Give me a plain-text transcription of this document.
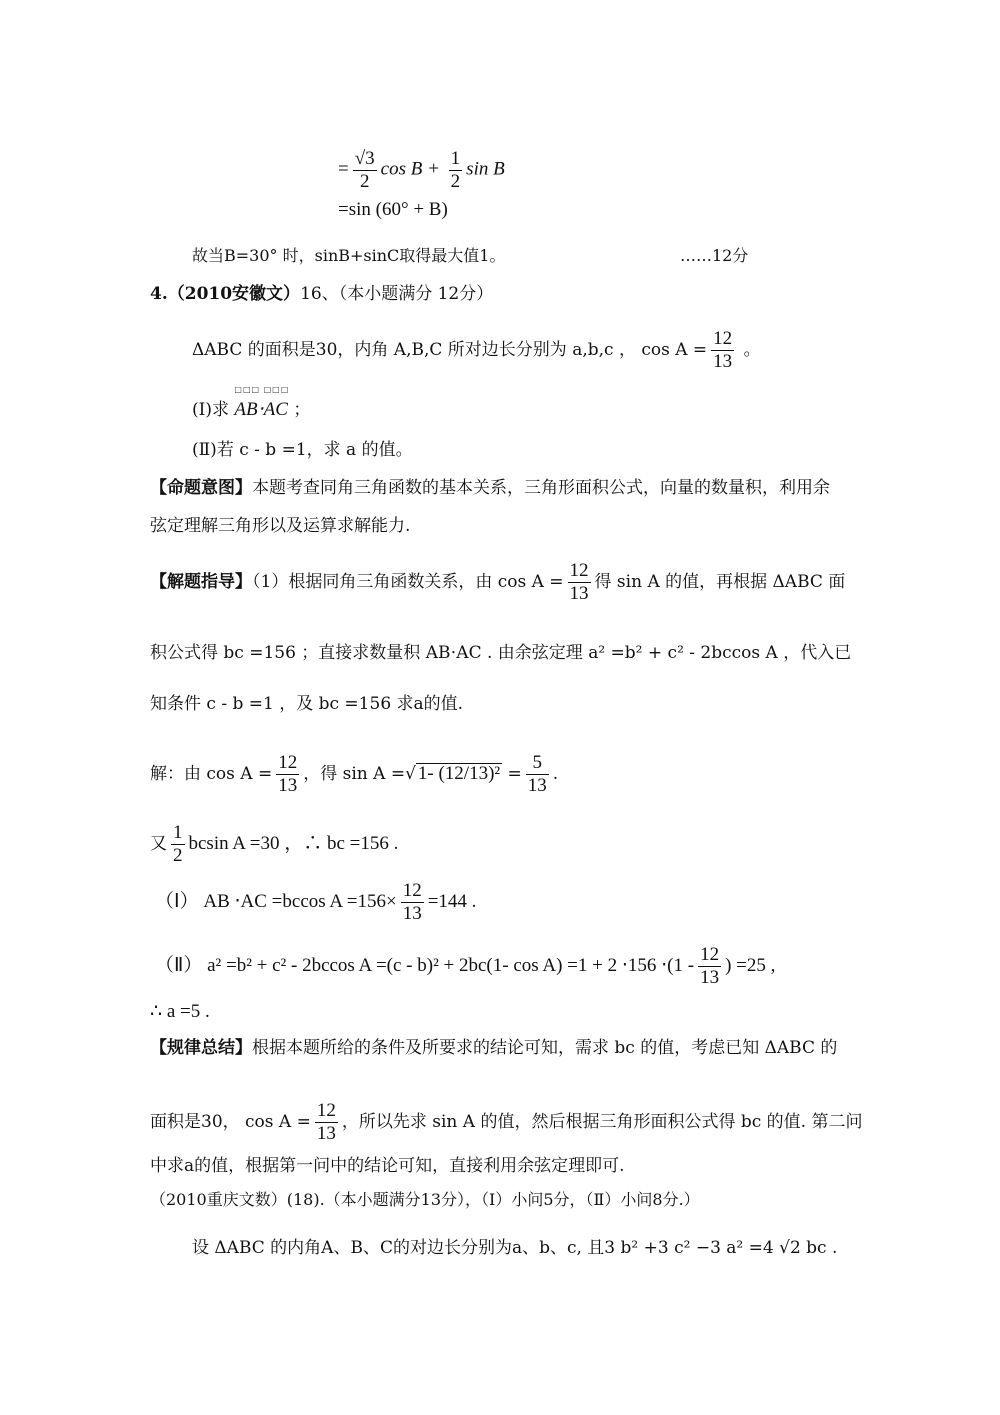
= $\frac{√3}{2}$ $\cos B + \frac{1}{2}$ sin B
=sin (60° + B)
故当B=30° 时，sinB+sinC取得最大值1。	……12分
4.（2010安徽文）16、（本小题满分 12分）
ΔABC 的面积是30，内角 A,B,C 所对边长分别为 a,b,c ， $\cos A = \frac{12}{13}$ 。
(Ⅰ)求
□□□ □□□
AB⋅AC ；
(Ⅱ)若 c - b =1，求 a 的值。
【命题意图】本题考查同角三角函数的基本关系，三角形面积公式，向量的数量积，利用余
弦定理解三角形以及运算求解能力.
【解题指导】（1）根据同角三角函数关系，由 $\cos A = \frac{12}{13}$ 得 sin A 的值，再根据 ΔABC 面
积公式得 bc =156 ；直接求数量积 AB⋅AC . 由余弦定理 a² =b² + c² - 2bccos A ，代入已
知条件 c - b =1 ，及 bc =156 求a的值.
解：由 $\cos A = \frac{12}{13}$ ，得 sin A =√ 1- $(12/13)^2 = \frac{5}{13}$ .
又 $\frac{1}{2}$ bcsin A =30 ，∴ bc =156 .
（Ⅰ） AB ⋅AC =bccos $A =156\times \frac{12}{13} =144$ .
（Ⅱ） a² =b² + c² - 2bccos A =(c - b)² + 2bc(1- $\cos A) =1 + 2 \cdot 156 \cdot(1 - \frac{12}{13}$ ) =25 ,
∴ a =5 .
【规律总结】根据本题所给的条件及所要求的结论可知，需求 bc 的值，考虑已知 ΔABC 的
面积是30， $\cos A = \frac{12}{13}$ ，所以先求 sin A 的值，然后根据三角形面积公式得 bc 的值. 第二问
中求a的值，根据第一问中的结论可知，直接利用余弦定理即可.
（2010重庆文数）(18).（本小题满分13分），（Ⅰ）小问5分，（Ⅱ）小问8分.）
设 ΔABC 的内角A、B、C的对边长分别为a、b、c, 且3 b² +3 c² −3 a² =4 √2 bc .
